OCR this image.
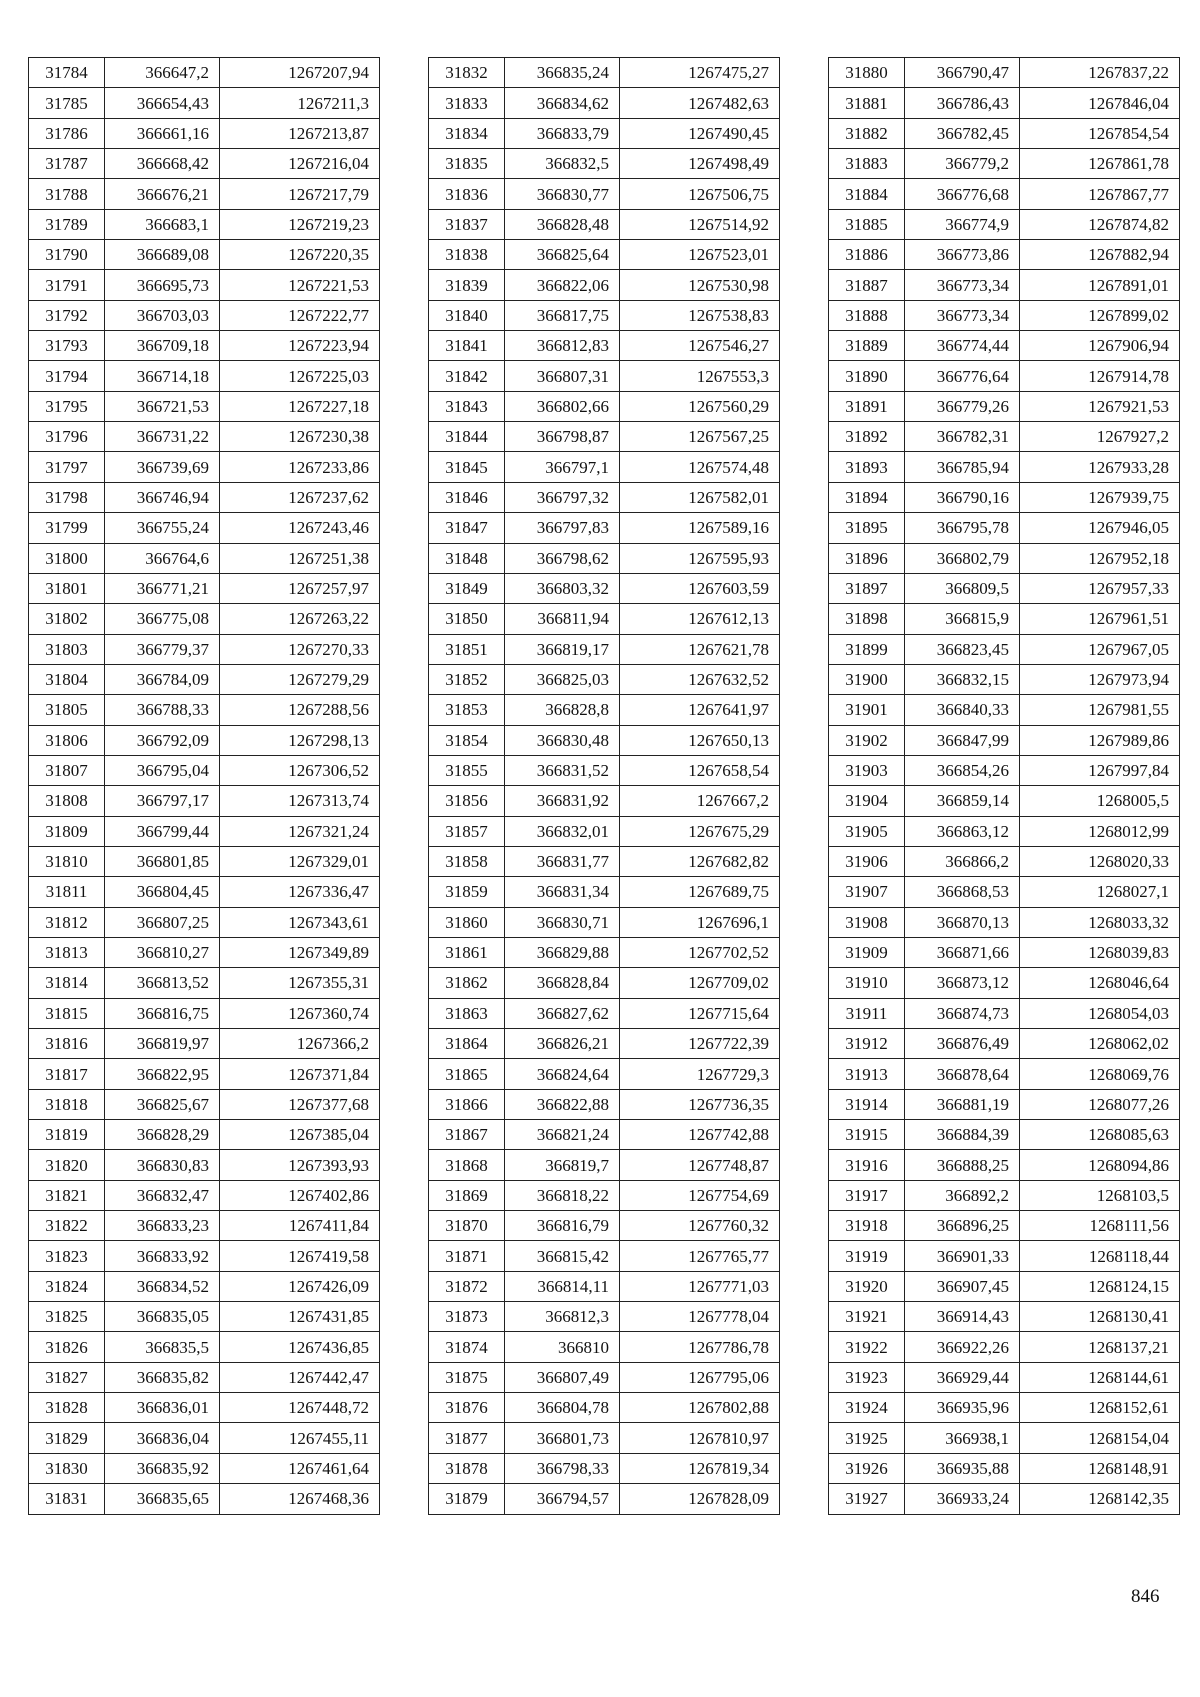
31784	366647,2	1267207,94
31785	366654,43	1267211,3
31786	366661,16	1267213,87
31787	366668,42	1267216,04
31788	366676,21	1267217,79
31789	366683,1	1267219,23
31790	366689,08	1267220,35
31791	366695,73	1267221,53
31792	366703,03	1267222,77
31793	366709,18	1267223,94
31794	366714,18	1267225,03
31795	366721,53	1267227,18
31796	366731,22	1267230,38
31797	366739,69	1267233,86
31798	366746,94	1267237,62
31799	366755,24	1267243,46
31800	366764,6	1267251,38
31801	366771,21	1267257,97
31802	366775,08	1267263,22
31803	366779,37	1267270,33
31804	366784,09	1267279,29
31805	366788,33	1267288,56
31806	366792,09	1267298,13
31807	366795,04	1267306,52
31808	366797,17	1267313,74
31809	366799,44	1267321,24
31810	366801,85	1267329,01
31811	366804,45	1267336,47
31812	366807,25	1267343,61
31813	366810,27	1267349,89
31814	366813,52	1267355,31
31815	366816,75	1267360,74
31816	366819,97	1267366,2
31817	366822,95	1267371,84
31818	366825,67	1267377,68
31819	366828,29	1267385,04
31820	366830,83	1267393,93
31821	366832,47	1267402,86
31822	366833,23	1267411,84
31823	366833,92	1267419,58
31824	366834,52	1267426,09
31825	366835,05	1267431,85
31826	366835,5	1267436,85
31827	366835,82	1267442,47
31828	366836,01	1267448,72
31829	366836,04	1267455,11
31830	366835,92	1267461,64
31831	366835,65	1267468,36
31832	366835,24	1267475,27
31833	366834,62	1267482,63
31834	366833,79	1267490,45
31835	366832,5	1267498,49
31836	366830,77	1267506,75
31837	366828,48	1267514,92
31838	366825,64	1267523,01
31839	366822,06	1267530,98
31840	366817,75	1267538,83
31841	366812,83	1267546,27
31842	366807,31	1267553,3
31843	366802,66	1267560,29
31844	366798,87	1267567,25
31845	366797,1	1267574,48
31846	366797,32	1267582,01
31847	366797,83	1267589,16
31848	366798,62	1267595,93
31849	366803,32	1267603,59
31850	366811,94	1267612,13
31851	366819,17	1267621,78
31852	366825,03	1267632,52
31853	366828,8	1267641,97
31854	366830,48	1267650,13
31855	366831,52	1267658,54
31856	366831,92	1267667,2
31857	366832,01	1267675,29
31858	366831,77	1267682,82
31859	366831,34	1267689,75
31860	366830,71	1267696,1
31861	366829,88	1267702,52
31862	366828,84	1267709,02
31863	366827,62	1267715,64
31864	366826,21	1267722,39
31865	366824,64	1267729,3
31866	366822,88	1267736,35
31867	366821,24	1267742,88
31868	366819,7	1267748,87
31869	366818,22	1267754,69
31870	366816,79	1267760,32
31871	366815,42	1267765,77
31872	366814,11	1267771,03
31873	366812,3	1267778,04
31874	366810	1267786,78
31875	366807,49	1267795,06
31876	366804,78	1267802,88
31877	366801,73	1267810,97
31878	366798,33	1267819,34
31879	366794,57	1267828,09
31880	366790,47	1267837,22
31881	366786,43	1267846,04
31882	366782,45	1267854,54
31883	366779,2	1267861,78
31884	366776,68	1267867,77
31885	366774,9	1267874,82
31886	366773,86	1267882,94
31887	366773,34	1267891,01
31888	366773,34	1267899,02
31889	366774,44	1267906,94
31890	366776,64	1267914,78
31891	366779,26	1267921,53
31892	366782,31	1267927,2
31893	366785,94	1267933,28
31894	366790,16	1267939,75
31895	366795,78	1267946,05
31896	366802,79	1267952,18
31897	366809,5	1267957,33
31898	366815,9	1267961,51
31899	366823,45	1267967,05
31900	366832,15	1267973,94
31901	366840,33	1267981,55
31902	366847,99	1267989,86
31903	366854,26	1267997,84
31904	366859,14	1268005,5
31905	366863,12	1268012,99
31906	366866,2	1268020,33
31907	366868,53	1268027,1
31908	366870,13	1268033,32
31909	366871,66	1268039,83
31910	366873,12	1268046,64
31911	366874,73	1268054,03
31912	366876,49	1268062,02
31913	366878,64	1268069,76
31914	366881,19	1268077,26
31915	366884,39	1268085,63
31916	366888,25	1268094,86
31917	366892,2	1268103,5
31918	366896,25	1268111,56
31919	366901,33	1268118,44
31920	366907,45	1268124,15
31921	366914,43	1268130,41
31922	366922,26	1268137,21
31923	366929,44	1268144,61
31924	366935,96	1268152,61
31925	366938,1	1268154,04
31926	366935,88	1268148,91
31927	366933,24	1268142,35
846
